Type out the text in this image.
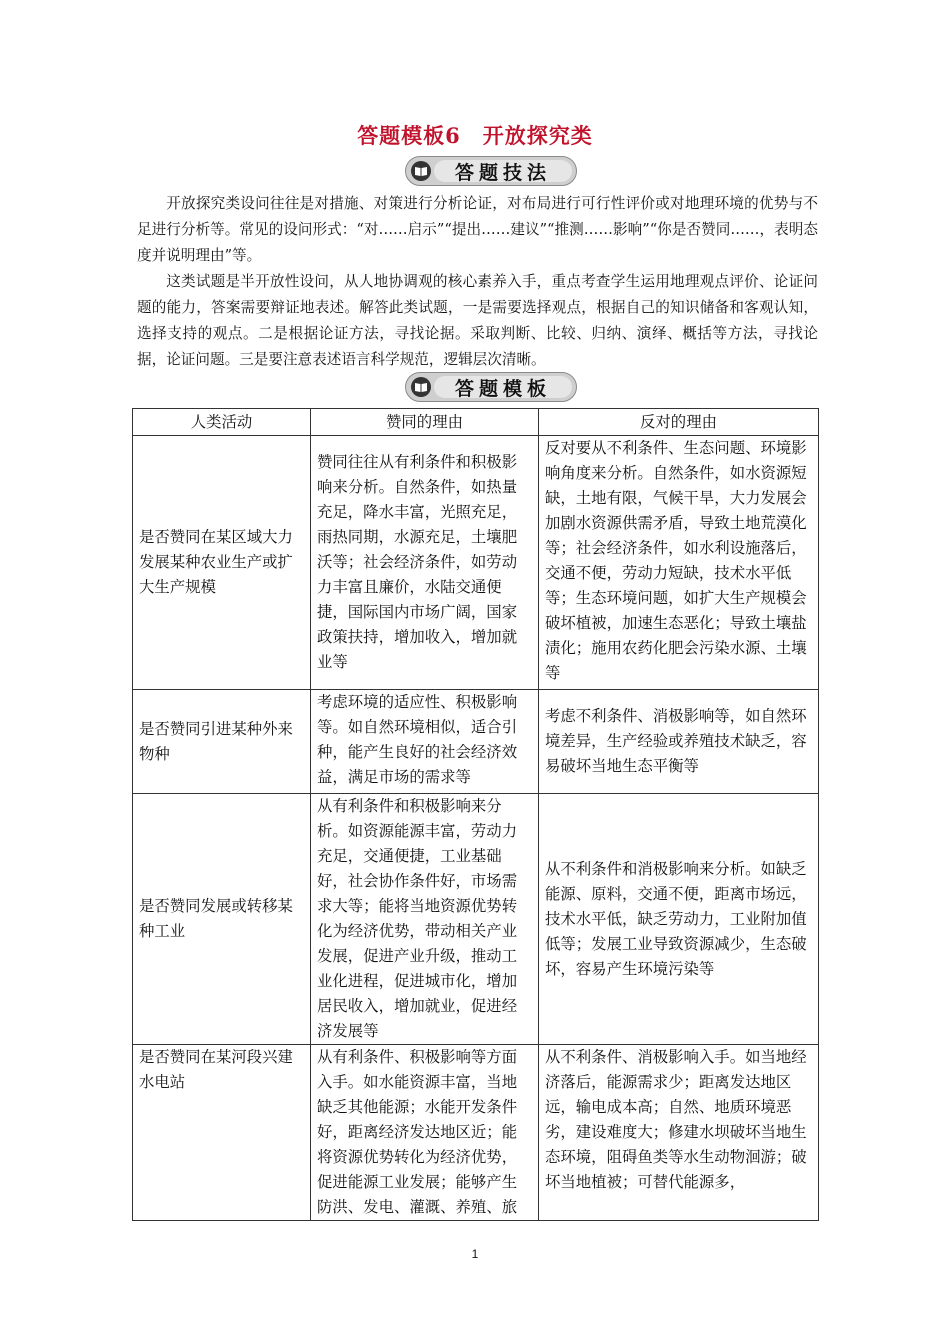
答题模板6　开放探究类
答题技法

开放探究类设问往往是对措施、对策进行分析论证，对布局进行可行性评价或对地理环境的优势与不足进行分析等。常见的设问形式：“对……启示”“提出……建议”“推测……影响”“你是否赞同……，表明态度并说明理由”等。

这类试题是半开放性设问，从人地协调观的核心素养入手，重点考查学生运用地理观点评价、论证问题的能力，答案需要辩证地表述。解答此类试题，一是需要选择观点，根据自己的知识储备和客观认知，选择支持的观点。二是根据论证方法，寻找论据。采取判断、比较、归纳、演绎、概括等方法，寻找论据，论证问题。三是要注意表述语言科学规范，逻辑层次清晰。

答题模板
人类活动	赞同的理由	反对的理由
是否赞同在某区域大力发展某种农业生产或扩大生产规模	赞同往往从有利条件和积极影响来分析。自然条件，如热量充足，降水丰富，光照充足，雨热同期，水源充足，土壤肥沃等；社会经济条件，如劳动力丰富且廉价，水陆交通便捷，国际国内市场广阔，国家政策扶持，增加收入，增加就业等	反对要从不利条件、生态问题、环境影响角度来分析。自然条件，如水资源短缺，土地有限，气候干旱，大力发展会加剧水资源供需矛盾，导致土地荒漠化等；社会经济条件，如水利设施落后，交通不便，劳动力短缺，技术水平低等；生态环境问题，如扩大生产规模会破坏植被，加速生态恶化；导致土壤盐渍化；施用农药化肥会污染水源、土壤等
是否赞同引进某种外来物种	考虑环境的适应性、积极影响等。如自然环境相似，适合引种，能产生良好的社会经济效益，满足市场的需求等	考虑不利条件、消极影响等，如自然环境差异，生产经验或养殖技术缺乏，容易破坏当地生态平衡等
是否赞同发展或转移某种工业	从有利条件和积极影响来分析。如资源能源丰富，劳动力充足，交通便捷，工业基础好，社会协作条件好，市场需求大等；能将当地资源优势转化为经济优势，带动相关产业发展，促进产业升级，推动工业化进程，促进城市化，增加居民收入，增加就业，促进经济发展等	从不利条件和消极影响来分析。如缺乏能源、原料，交通不便，距离市场远，技术水平低，缺乏劳动力，工业附加值低等；发展工业导致资源减少，生态破坏，容易产生环境污染等
是否赞同在某河段兴建水电站	从有利条件、积极影响等方面入手。如水能资源丰富，当地缺乏其他能源；水能开发条件好，距离经济发达地区近；能将资源优势转化为经济优势，促进能源工业发展；能够产生防洪、发电、灌溉、养殖、旅	从不利条件、消极影响入手。如当地经济落后，能源需求少；距离发达地区远，输电成本高；自然、地质环境恶劣，建设难度大；修建水坝破坏当地生态环境，阻碍鱼类等水生动物洄游；破坏当地植被；可替代能源多，
1
